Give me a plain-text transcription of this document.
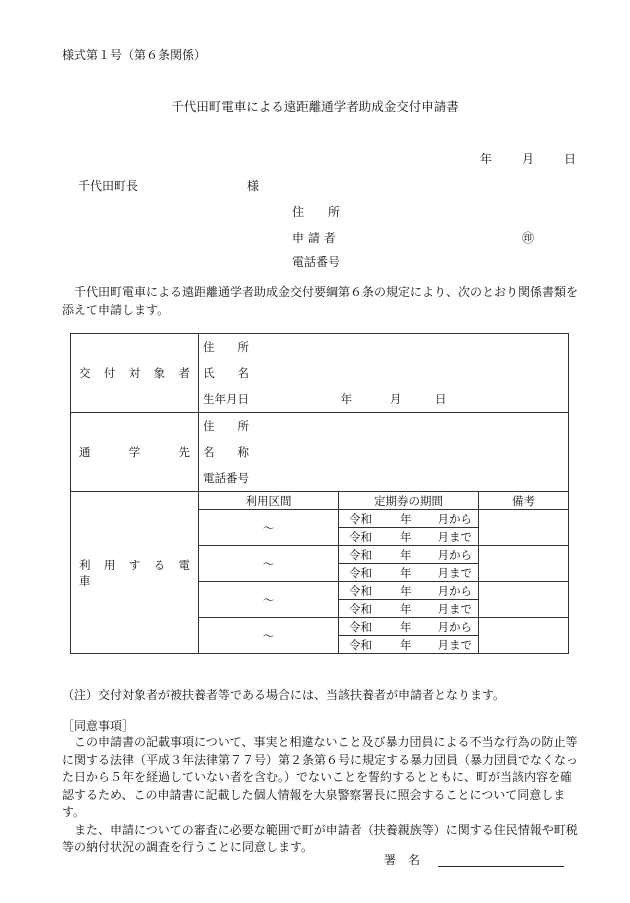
様式第１号（第６条関係）
千代田町電車による遠距離通学者助成金交付申請書
年 月 日
千代田町長	様
住　　所
申 請 者	㊞
電話番号
千代田町電車による遠距離通学者助成金交付要綱第６条の規定により、次のとおり関係書類を添えて申請します。
交　付　対　象　者	住　　所		
	氏　　名		
	生年月日 年 月 日		
通　　学　　先	住　　所		
	名　　称		
	電話番号		
利　用　す　る　電　車	利用区間	定期券の期間	備考
	～	令和 年 月から	
		令和 年 月まで	
	～	令和 年 月から	
		令和 年 月まで	
	～	令和 年 月から	
		令和 年 月まで	
	～	令和 年 月から	
		令和 年 月まで	
（注）交付対象者が被扶養者等である場合には、当該扶養者が申請者となります。
［同意事項］

この申請書の記載事項について、事実と相違ないこと及び暴力団員による不当な行為の防止等に関する法律（平成３年法律第７７号）第２条第６号に規定する暴力団員（暴力団員でなくなった日から５年を経過していない者を含む。）でないことを誓約するとともに、町が当該内容を確認するため、この申請書に記載した個人情報を大泉警察署長に照会することについて同意します。

また、申請についての審査に必要な範囲で町が申請者（扶養親族等）に関する住民情報や町税等の納付状況の調査を行うことに同意します。

署　名
